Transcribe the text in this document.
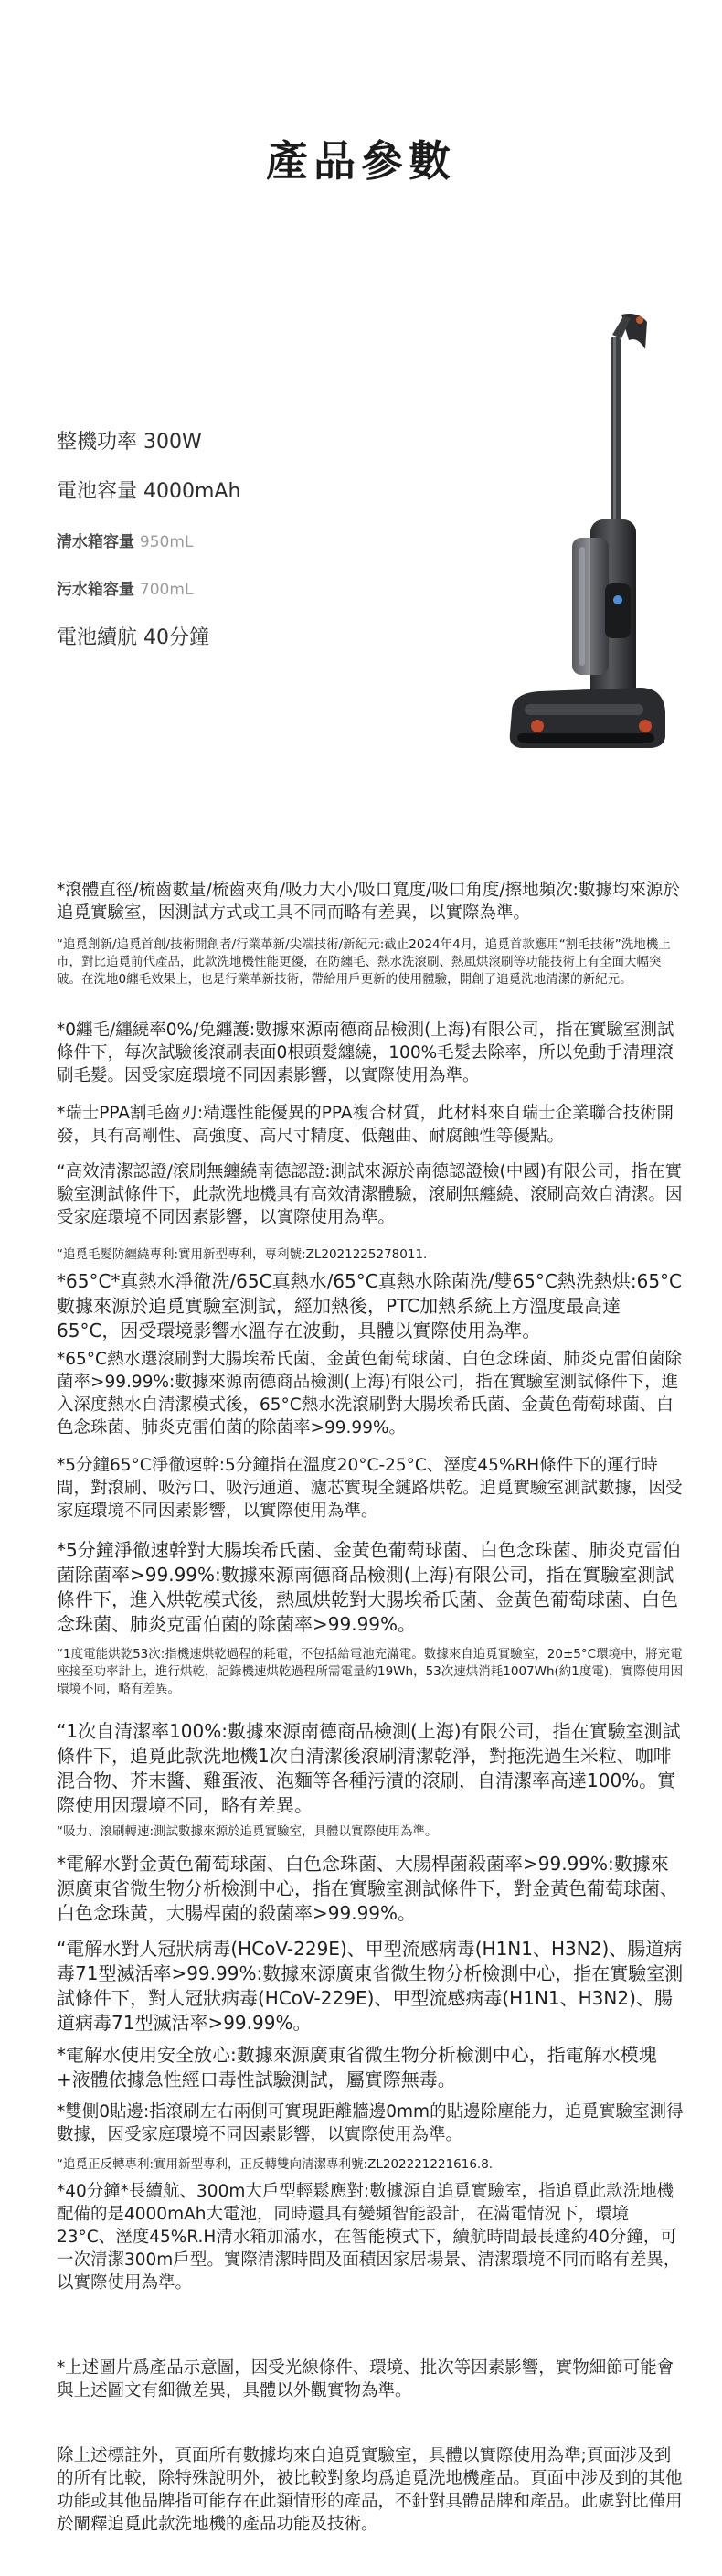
產品參數
整機功率 300W
電池容量 4000mAh
清水箱容量 950mL
污水箱容量 700mL
電池續航 40分鐘

*滾體直徑/梳齒數量/梳齒夾角/吸力大小/吸口寬度/吸口角度/擦地頻次:數據均來源於追覓實驗室，因測試方式或工具不同而略有差異，以實際為準。

“追覓創新/追覓首創/技術開創者/行業革新/尖端技術/新紀元:截止2024年4月，追覓首款應用“割毛技術”洗地機上市，對比追覓前代產品，此款洗地機性能更優，在防纏毛、熱水洗滾刷、熱風烘滾刷等功能技術上有全面大幅突破。在洗地0纏毛效果上，也是行業革新技術，帶給用戶更新的使用體驗，開創了追覓洗地清潔的新紀元。

*0纏毛/纏繞率0%/免纏護:數據來源南德商品檢測(上海)有限公司，指在實驗室測試條件下，每次試驗後滾刷表面0根頭髮纏繞，100%毛髮去除率，所以免動手清理滾刷毛髮。因受家庭環境不同因素影響，以實際使用為準。

*瑞士PPA割毛齒刃:精選性能優異的PPA複合材質，此材料來自瑞士企業聯合技術開發，具有高剛性、高強度、高尺寸精度、低翹曲、耐腐蝕性等優點。

“高效清潔認證/滾刷無纏繞南德認證:測試來源於南德認證檢(中國)有限公司，指在實驗室測試條件下，此款洗地機具有高效清潔體驗，滾刷無纏繞、滾刷高效自清潔。因受家庭環境不同因素影響，以實際使用為準。

“追覓毛髮防纏繞專利:實用新型專利，專利號:ZL2021225278011.

*65°C*真熱水淨徹洗/65C真熱水/65°C真熱水除菌洗/雙65°C熱洗熱烘:65°C數據來源於追覓實驗室測試，經加熱後，PTC加熱系統上方溫度最高達65°C，因受環境影響水溫存在波動，具體以實際使用為準。

*65°C熱水選滾刷對大腸埃希氏菌、金黃色葡萄球菌、白色念珠菌、肺炎克雷伯菌除菌率>99.99%:數據來源南德商品檢測(上海)有限公司，指在實驗室測試條件下，進入深度熱水自清潔模式後，65°C熱水洗滾刷對大腸埃希氏菌、金黃色葡萄球菌、白色念珠菌、肺炎克雷伯菌的除菌率>99.99%。

*5分鐘65°C淨徹速幹:5分鐘指在溫度20°C-25°C、溼度45%RH條件下的運行時間，對滾刷、吸污口、吸污通道、濾芯實現全鏈路烘乾。追覓實驗室測試數據，因受家庭環境不同因素影響，以實際使用為準。

*5分鐘淨徹速幹對大腸埃希氏菌、金黃色葡萄球菌、白色念珠菌、肺炎克雷伯菌除菌率>99.99%:數據來源南德商品檢測(上海)有限公司，指在實驗室測試條件下，進入烘乾模式後，熱風烘乾對大腸埃希氏菌、金黃色葡萄球菌、白色念珠菌、肺炎克雷伯菌的除菌率>99.99%。

“1度電能烘乾53次:指機速烘乾過程的耗電，不包括給電池充滿電。數據來自追覓實驗室，20±5°C環境中，將充電座接至功率計上，進行烘乾，記錄機速烘乾過程所需電量約19Wh，53次速烘消耗1007Wh(約1度電)，實際使用因環境不同，略有差異。

“1次自清潔率100%:數據來源南德商品檢測(上海)有限公司，指在實驗室測試條件下，追覓此款洗地機1次自清潔後滾刷清潔乾淨，對拖洗過生米粒、咖啡混合物、芥末醬、雞蛋液、泡麵等各種污漬的滾刷，自清潔率高達100%。實際使用因環境不同，略有差異。

“吸力、滾刷轉速:測試數據來源於追覓實驗室，具體以實際使用為準。

*電解水對金黃色葡萄球菌、白色念珠菌、大腸桿菌殺菌率>99.99%:數據來源廣東省微生物分析檢測中心，指在實驗室測試條件下，對金黃色葡萄球菌、白色念珠黃，大腸桿菌的殺菌率>99.99%。

“電解水對人冠狀病毒(HCoV-229E)、甲型流感病毒(H1N1、H3N2)、腸道病毒71型滅活率>99.99%:數據來源廣東省微生物分析檢測中心，指在實驗室測試條件下，對人冠狀病毒(HCoV-229E)、甲型流感病毒(H1N1、H3N2)、腸道病毒71型滅活率>99.99%。

*電解水使用安全放心:數據來源廣東省微生物分析檢測中心，指電解水模塊+液體依據急性經口毒性試驗測試，屬實際無毒。

*雙側0貼邊:指滾刷左右兩側可實現距離牆邊0mm的貼邊除塵能力，追覓實驗室測得數據，因受家庭環境不同因素影響，以實際使用為準。

“追覓正反轉專利:實用新型專利，正反轉雙向清潔專利號:ZL202221221616.8.

*40分鐘*長續航、300m大戶型輕鬆應對:數據源自追覓實驗室，指追覓此款洗地機配備的是4000mAh大電池，同時還具有變頻智能設計，在滿電情況下，環境23°C、溼度45%R.H清水箱加滿水，在智能模式下，續航時間最長達約40分鐘，可一次清潔300m戶型。實際清潔時間及面積因家居場景、清潔環境不同而略有差異，以實際使用為準。

*上述圖片爲產品示意圖，因受光線條件、環境、批次等因素影響，實物細節可能會與上述圖文有細微差異，具體以外觀實物為準。

除上述標註外，頁面所有數據均來自追覓實驗室，具體以實際使用為準;頁面涉及到的所有比較，除特殊說明外，被比較對象均爲追覓洗地機產品。頁面中涉及到的其他功能或其他品牌指可能存在此類情形的產品，不針對具體品牌和產品。此處對比僅用於闡釋追覓此款洗地機的產品功能及技術。
